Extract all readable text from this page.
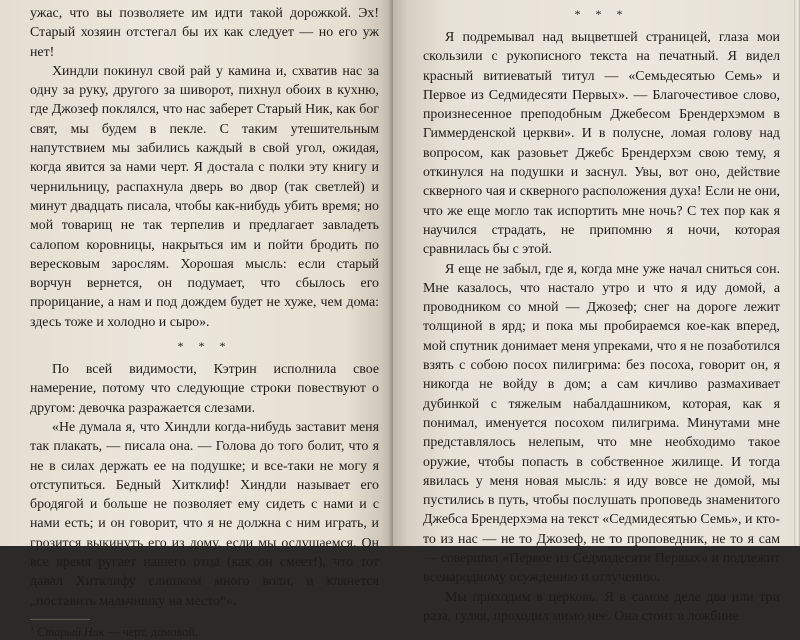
ужас, что вы позволяете им идти такой дорожкой. Эх! Старый хозяин отстегал бы их как следует — но его уж нет!

Хиндли покинул свой рай у камина и, схватив нас за одну за руку, другого за шиворот, пихнул обоих в кухню, где Джозеф поклялся, что нас заберет Старый Ник, как бог свят, мы будем в пекле. С таким утешительным напутствием мы забились каждый в свой угол, ожидая, когда явится за нами черт. Я достала с полки эту книгу и чернильницу, распахнула дверь во двор (так светлей) и минут двадцать писала, чтобы как-нибудь убить время; но мой товарищ не так терпелив и предлагает завладеть салопом коровницы, накрыться им и пойти бродить по вересковым зарослям. Хорошая мысль: если старый ворчун вернется, он подумает, что сбылось его прорицание, а нам и под дождем будет не хуже, чем дома: здесь тоже и холодно и сыро».

* * *

По всей видимости, Кэтрин исполнила свое намерение, потому что следующие строки повествуют о другом: девочка разражается слезами.

«Не думала я, что Хиндли когда-нибудь заставит меня так плакать, — писала она. — Голова до того болит, что я не в силах держать ее на подушке; и все-таки не могу я отступиться. Бедный Хитклиф! Хиндли называет его бродягой и больше не позволяет ему сидеть с нами и с нами есть; и он говорит, что я не должна с ним играть, и грозится выкинуть его из дому, если мы ослушаемся. Он все время ругает нашего отца (как он смеет!), что тот давал Хитклифу слишком много воли, и клянется „поставить мальчишку на место“».

$^1$ Старый Ник — черт, домовой.
* * *

Я подремывал над выцветшей страницей, глаза мои скользили с рукописного текста на печатный. Я видел красный витиеватый титул — «Семьдесятью Семь» и Первое из Седмидесяти Первых». — Благочестивое слово, произнесенное преподобным Джебесом Брендерхэмом в Гиммерденской церкви». И в полусне, ломая голову над вопросом, как разовьет Джебс Брендерхэм свою тему, я откинулся на подушки и заснул. Увы, вот оно, действие скверного чая и скверного расположения духа! Если не они, что же еще могло так испортить мне ночь? С тех пор как я научился страдать, не припомню я ночи, которая сравнилась бы с этой.

Я еще не забыл, где я, когда мне уже начал сниться сон. Мне казалось, что настало утро и что я иду домой, а проводником со мной — Джозеф; снег на дороге лежит толщиной в ярд; и пока мы пробираемся кое-как вперед, мой спутник донимает меня упреками, что я не позаботился взять с собою посох пилигрима: без посоха, говорит он, я никогда не войду в дом; а сам кичливо размахивает дубинкой с тяжелым набалдашником, которая, как я понимал, именуется посохом пилигрима. Минутами мне представлялось нелепым, что мне необходимо такое оружие, чтобы попасть в собственное жилище. И тогда явилась у меня новая мысль: я иду вовсе не домой, мы пустились в путь, чтобы послушать проповедь знаменитого Джебса Брендерхэма на текст «Седмидесятью Семь», и кто-то из нас — не то Джозеф, не то проповедник, не то я сам — совершил «Первое из Седмидесяти Первых» и подлежит всенародному осуждению и отлучению.

Мы приходим в церковь. Я в самом деле два или три раза, гуляя, проходил мимо нее. Она стоит в ложбине
